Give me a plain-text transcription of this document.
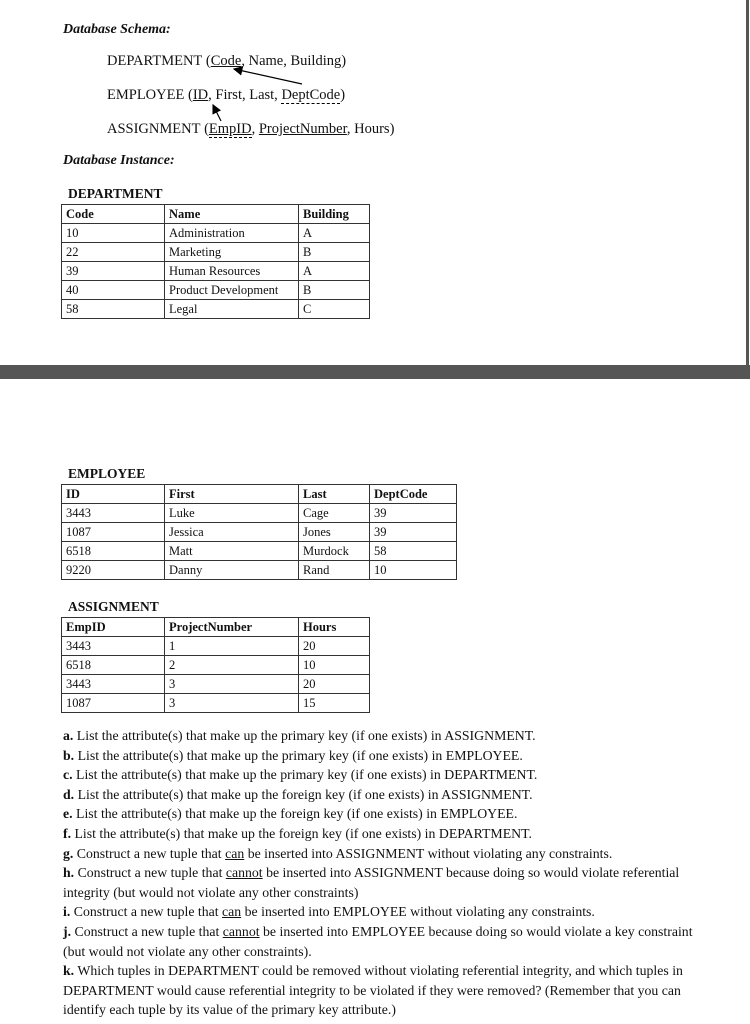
Database Schema:
DEPARTMENT (Code, Name, Building)
EMPLOYEE (ID, First, Last, DeptCode)
ASSIGNMENT (EmpID, ProjectNumber, Hours)
Database Instance:
DEPARTMENT
Code	Name	Building
10	Administration	A
22	Marketing	B
39	Human Resources	A
40	Product Development	B
58	Legal	C
EMPLOYEE
ID	First	Last	DeptCode
3443	Luke	Cage	39
1087	Jessica	Jones	39
6518	Matt	Murdock	58
9220	Danny	Rand	10
ASSIGNMENT
EmpID	ProjectNumber	Hours
3443	1	20
6518	2	10
3443	3	20
1087	3	15

a. List the attribute(s) that make up the primary key (if one exists) in ASSIGNMENT.

b. List the attribute(s) that make up the primary key (if one exists) in EMPLOYEE.

c. List the attribute(s) that make up the primary key (if one exists) in DEPARTMENT.

d. List the attribute(s) that make up the foreign key (if one exists) in ASSIGNMENT.

e. List the attribute(s) that make up the foreign key (if one exists) in EMPLOYEE.

f. List the attribute(s) that make up the foreign key (if one exists) in DEPARTMENT.

g. Construct a new tuple that can be inserted into ASSIGNMENT without violating any constraints.

h. Construct a new tuple that cannot be inserted into ASSIGNMENT because doing so would violate referential integrity (but would not violate any other constraints)

i. Construct a new tuple that can be inserted into EMPLOYEE without violating any constraints.

j. Construct a new tuple that cannot be inserted into EMPLOYEE because doing so would violate a key constraint (but would not violate any other constraints).

k. Which tuples in DEPARTMENT could be removed without violating referential integrity, and which tuples in DEPARTMENT would cause referential integrity to be violated if they were removed? (Remember that you can identify each tuple by its value of the primary key attribute.)
